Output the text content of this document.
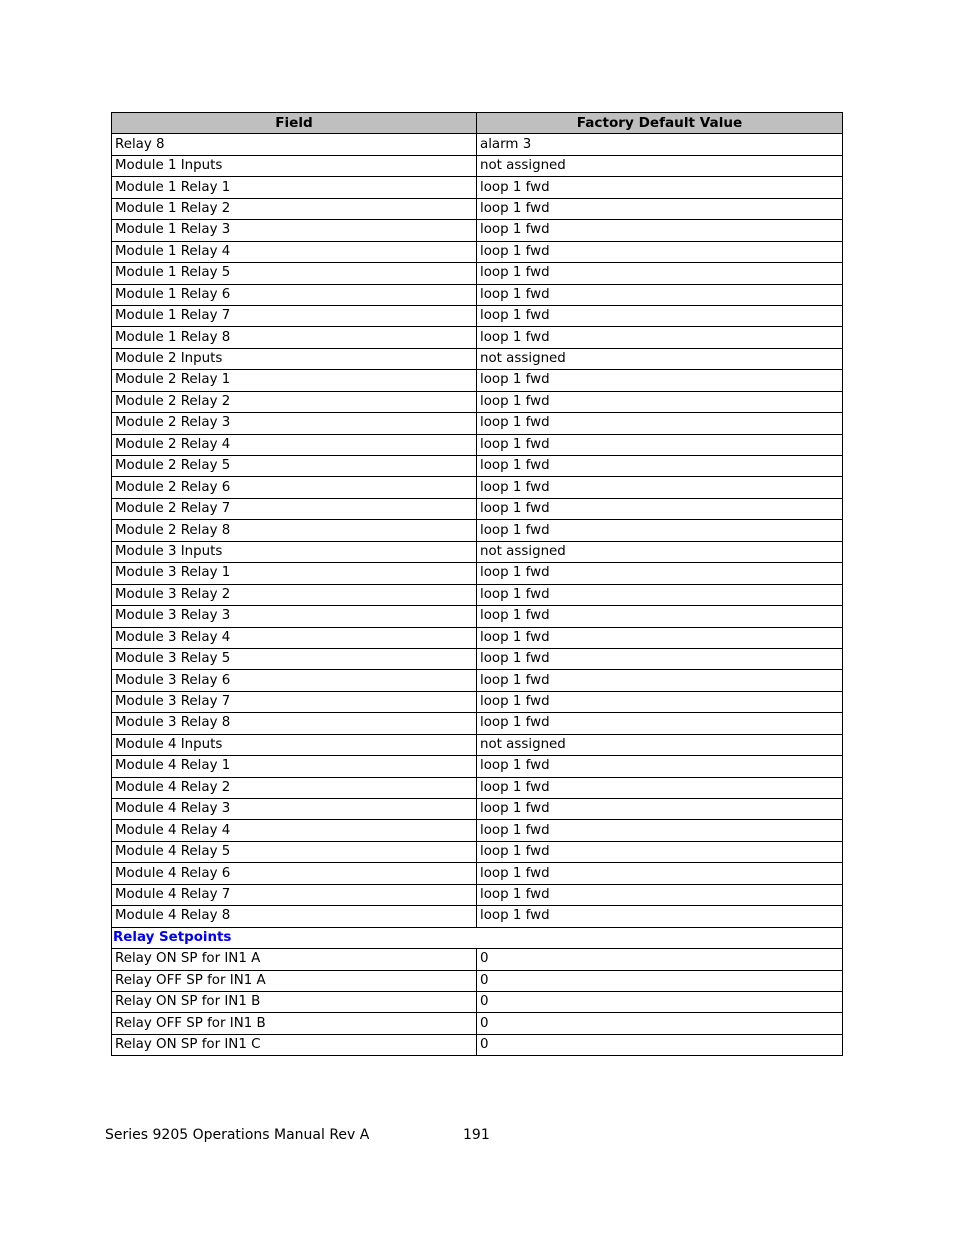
Field	Factory Default Value
Relay 8	alarm 3
Module 1 Inputs	not assigned
Module 1 Relay 1	loop 1 fwd
Module 1 Relay 2	loop 1 fwd
Module 1 Relay 3	loop 1 fwd
Module 1 Relay 4	loop 1 fwd
Module 1 Relay 5	loop 1 fwd
Module 1 Relay 6	loop 1 fwd
Module 1 Relay 7	loop 1 fwd
Module 1 Relay 8	loop 1 fwd
Module 2 Inputs	not assigned
Module 2 Relay 1	loop 1 fwd
Module 2 Relay 2	loop 1 fwd
Module 2 Relay 3	loop 1 fwd
Module 2 Relay 4	loop 1 fwd
Module 2 Relay 5	loop 1 fwd
Module 2 Relay 6	loop 1 fwd
Module 2 Relay 7	loop 1 fwd
Module 2 Relay 8	loop 1 fwd
Module 3 Inputs	not assigned
Module 3 Relay 1	loop 1 fwd
Module 3 Relay 2	loop 1 fwd
Module 3 Relay 3	loop 1 fwd
Module 3 Relay 4	loop 1 fwd
Module 3 Relay 5	loop 1 fwd
Module 3 Relay 6	loop 1 fwd
Module 3 Relay 7	loop 1 fwd
Module 3 Relay 8	loop 1 fwd
Module 4 Inputs	not assigned
Module 4 Relay 1	loop 1 fwd
Module 4 Relay 2	loop 1 fwd
Module 4 Relay 3	loop 1 fwd
Module 4 Relay 4	loop 1 fwd
Module 4 Relay 5	loop 1 fwd
Module 4 Relay 6	loop 1 fwd
Module 4 Relay 7	loop 1 fwd
Module 4 Relay 8	loop 1 fwd
Relay Setpoints	
Relay ON SP for IN1 A	0
Relay OFF SP for IN1 A	0
Relay ON SP for IN1 B	0
Relay OFF SP for IN1 B	0
Relay ON SP for IN1 C	0
Series 9205 Operations Manual Rev A	191
